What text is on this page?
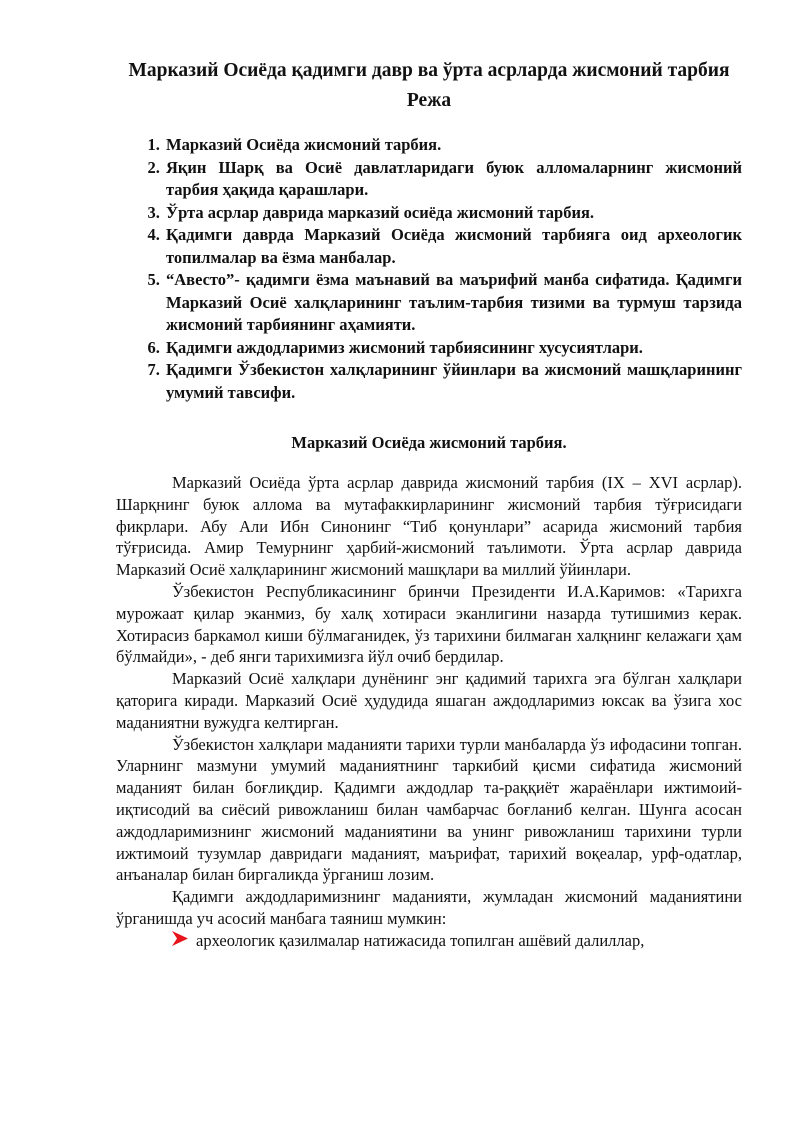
Марказий Осиёда қадимги давр ва ўрта асрларда жисмоний тарбия
Режа
1. Марказий Осиёда жисмоний тарбия.
2. Яқин Шарқ ва Осиё давлатларидаги буюк алломаларнинг жисмоний тарбия ҳақида қарашлари.
3. Ўрта асрлар даврида марказий осиёда жисмоний тарбия.
4. Қадимги даврда Марказий Осиёда жисмоний тарбияга оид археологик топилмалар ва ёзма манбалар.
5. “Авесто”- қадимги ёзма маънавий ва маърифий манба сифатида. Қадимги Марказий Осиё халқларининг таълим-тарбия тизими ва турмуш тарзида жисмоний тарбиянинг аҳамияти.
6. Қадимги аждодларимиз жисмоний тарбиясининг хусусиятлари.
7. Қадимги Ўзбекистон халқларининг ўйинлари ва жисмоний машқларининг умумий тавсифи.
Марказий Осиёда жисмоний тарбия.

Марказий Осиёда ўрта асрлар даврида жисмоний тарбия (IX – XVI асрлар). Шарқнинг буюк аллома ва мутафаккирларининг жисмоний тарбия тўғрисидаги фикрлари. Абу Али Ибн Синонинг “Тиб қонунлари” асарида жисмоний тарбия тўғрисида. Амир Темурнинг ҳарбий-жисмоний таълимоти. Ўрта асрлар даврида Марказий Осиё халқларининг жисмоний машқлари ва миллий ўйинлари.

Ўзбекистон Республикасининг бринчи Президенти И.А.Каримов: «Тарихга мурожаат қилар эканмиз, бу халқ хотираси эканлигини назарда тутишимиз керак. Хотирасиз баркамол киши бўлмаганидек, ўз тарихини билмаган халқнинг келажаги ҳам бўлмайди», - деб янги тарихимизга йўл очиб бердилар.

Марказий Осиё халқлари дунёнинг энг қадимий тарихга эга бўлган халқлари қаторига киради. Марказий Осиё ҳудудида яшаган аждодларимиз юксак ва ўзига хос маданиятни вужудга келтирган.

Ўзбекистон халқлари маданияти тарихи турли манбаларда ўз ифодасини топган. Уларнинг мазмуни умумий маданиятнинг таркибий қисми сифатида жисмоний маданият билан боғлиқдир. Қадимги аждодлар та-раққиёт жараёнлари ижтимоий-иқтисодий ва сиёсий ривожланиш билан чамбарчас боғланиб келган. Шунга асосан аждодларимизнинг жисмоний маданиятини ва унинг ривожланиш тарихини турли ижтимоий тузумлар давридаги маданият, маърифат, тарихий воқеалар, урф-одатлар, анъаналар билан биргаликда ўрганиш лозим.

Қадимги аждодларимизнинг маданияти, жумладан жисмоний маданиятини ўрганишда уч асосий манбага таяниш мумкин:

археологик қазилмалар натижасида топилган ашёвий далиллар,
